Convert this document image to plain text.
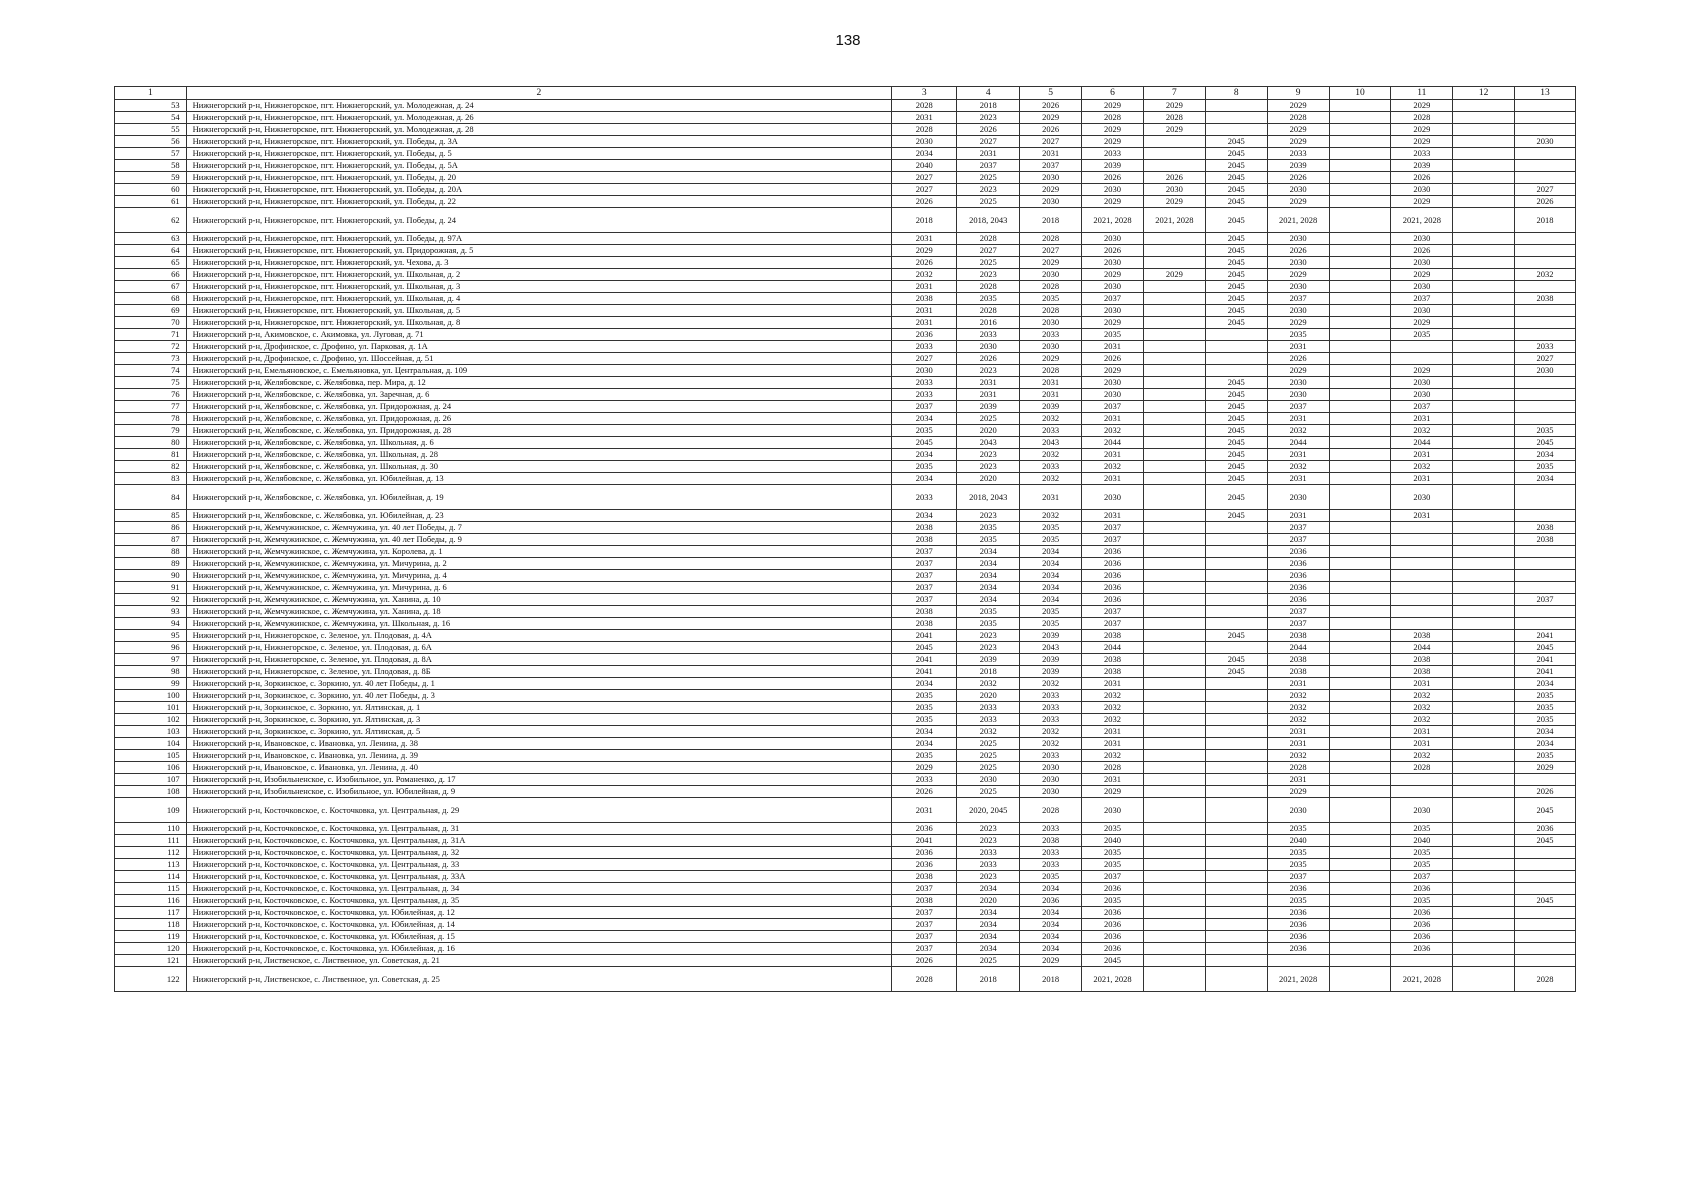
138
1	2	3	4	5	6	7	8	9	10	11	12	13
53	Нижнегорский р-н, Нижнегорское, пгт. Нижнегорский, ул. Молодежная, д. 24	2028	2018	2026	2029	2029		2029		2029		
54	Нижнегорский р-н, Нижнегорское, пгт. Нижнегорский, ул. Молодежная, д. 26	2031	2023	2029	2028	2028		2028		2028		
55	Нижнегорский р-н, Нижнегорское, пгт. Нижнегорский, ул. Молодежная, д. 28	2028	2026	2026	2029	2029		2029		2029		
56	Нижнегорский р-н, Нижнегорское, пгт. Нижнегорский, ул. Победы, д. 3А	2030	2027	2027	2029		2045	2029		2029		2030
57	Нижнегорский р-н, Нижнегорское, пгт. Нижнегорский, ул. Победы, д. 5	2034	2031	2031	2033		2045	2033		2033		
58	Нижнегорский р-н, Нижнегорское, пгт. Нижнегорский, ул. Победы, д. 5А	2040	2037	2037	2039		2045	2039		2039		
59	Нижнегорский р-н, Нижнегорское, пгт. Нижнегорский, ул. Победы, д. 20	2027	2025	2030	2026	2026	2045	2026		2026		
60	Нижнегорский р-н, Нижнегорское, пгт. Нижнегорский, ул. Победы, д. 20А	2027	2023	2029	2030	2030	2045	2030		2030		2027
61	Нижнегорский р-н, Нижнегорское, пгт. Нижнегорский, ул. Победы, д. 22	2026	2025	2030	2029	2029	2045	2029		2029		2026
62	Нижнегорский р-н, Нижнегорское, пгт. Нижнегорский, ул. Победы, д. 24	2018	2018, 2043	2018	2021, 2028	2021, 2028	2045	2021, 2028		2021, 2028		2018
63	Нижнегорский р-н, Нижнегорское, пгт. Нижнегорский, ул. Победы, д. 97А	2031	2028	2028	2030		2045	2030		2030		
64	Нижнегорский р-н, Нижнегорское, пгт. Нижнегорский, ул. Придорожная, д. 5	2029	2027	2027	2026		2045	2026		2026		
65	Нижнегорский р-н, Нижнегорское, пгт. Нижнегорский, ул. Чехова, д. 3	2026	2025	2029	2030		2045	2030		2030		
66	Нижнегорский р-н, Нижнегорское, пгт. Нижнегорский, ул. Школьная, д. 2	2032	2023	2030	2029	2029	2045	2029		2029		2032
67	Нижнегорский р-н, Нижнегорское, пгт. Нижнегорский, ул. Школьная, д. 3	2031	2028	2028	2030		2045	2030		2030		
68	Нижнегорский р-н, Нижнегорское, пгт. Нижнегорский, ул. Школьная, д. 4	2038	2035	2035	2037		2045	2037		2037		2038
69	Нижнегорский р-н, Нижнегорское, пгт. Нижнегорский, ул. Школьная, д. 5	2031	2028	2028	2030		2045	2030		2030		
70	Нижнегорский р-н, Нижнегорское, пгт. Нижнегорский, ул. Школьная, д. 8	2031	2016	2030	2029		2045	2029		2029		
71	Нижнегорский р-н, Акимовское, с. Акимовка, ул. Луговая, д. 71	2036	2033	2033	2035			2035		2035		
72	Нижнегорский р-н, Дрофинское, с. Дрофино, ул. Парковая, д. 1А	2033	2030	2030	2031			2031				2033
73	Нижнегорский р-н, Дрофинское, с. Дрофино, ул. Шоссейная, д. 51	2027	2026	2029	2026			2026				2027
74	Нижнегорский р-н, Емельяновское, с. Емельяновка, ул. Центральная, д. 109	2030	2023	2028	2029			2029		2029		2030
75	Нижнегорский р-н, Желябовское, с. Желябовка, пер. Мира, д. 12	2033	2031	2031	2030		2045	2030		2030		
76	Нижнегорский р-н, Желябовское, с. Желябовка, ул. Заречная, д. 6	2033	2031	2031	2030		2045	2030		2030		
77	Нижнегорский р-н, Желябовское, с. Желябовка, ул. Придорожная, д. 24	2037	2039	2039	2037		2045	2037		2037		
78	Нижнегорский р-н, Желябовское, с. Желябовка, ул. Придорожная, д. 26	2034	2025	2032	2031		2045	2031		2031		
79	Нижнегорский р-н, Желябовское, с. Желябовка, ул. Придорожная, д. 28	2035	2020	2033	2032		2045	2032		2032		2035
80	Нижнегорский р-н, Желябовское, с. Желябовка, ул. Школьная, д. 6	2045	2043	2043	2044		2045	2044		2044		2045
81	Нижнегорский р-н, Желябовское, с. Желябовка, ул. Школьная, д. 28	2034	2023	2032	2031		2045	2031		2031		2034
82	Нижнегорский р-н, Желябовское, с. Желябовка, ул. Школьная, д. 30	2035	2023	2033	2032		2045	2032		2032		2035
83	Нижнегорский р-н, Желябовское, с. Желябовка, ул. Юбилейная, д. 13	2034	2020	2032	2031		2045	2031		2031		2034
84	Нижнегорский р-н, Желябовское, с. Желябовка, ул. Юбилейная, д. 19	2033	2018, 2043	2031	2030		2045	2030		2030		
85	Нижнегорский р-н, Желябовское, с. Желябовка, ул. Юбилейная, д. 23	2034	2023	2032	2031		2045	2031		2031		
86	Нижнегорский р-н, Жемчужинское, с. Жемчужина, ул. 40 лет Победы, д. 7	2038	2035	2035	2037			2037				2038
87	Нижнегорский р-н, Жемчужинское, с. Жемчужина, ул. 40 лет Победы, д. 9	2038	2035	2035	2037			2037				2038
88	Нижнегорский р-н, Жемчужинское, с. Жемчужина, ул. Королева, д. 1	2037	2034	2034	2036			2036				
89	Нижнегорский р-н, Жемчужинское, с. Жемчужина, ул. Мичурина, д. 2	2037	2034	2034	2036			2036				
90	Нижнегорский р-н, Жемчужинское, с. Жемчужина, ул. Мичурина, д. 4	2037	2034	2034	2036			2036				
91	Нижнегорский р-н, Жемчужинское, с. Жемчужина, ул. Мичурина, д. 6	2037	2034	2034	2036			2036				
92	Нижнегорский р-н, Жемчужинское, с. Жемчужина, ул. Ханина, д. 10	2037	2034	2034	2036			2036				2037
93	Нижнегорский р-н, Жемчужинское, с. Жемчужина, ул. Ханина, д. 18	2038	2035	2035	2037			2037				
94	Нижнегорский р-н, Жемчужинское, с. Жемчужина, ул. Школьная, д. 16	2038	2035	2035	2037			2037				
95	Нижнегорский р-н, Нижнегорское, с. Зеленое, ул. Плодовая, д. 4А	2041	2023	2039	2038		2045	2038		2038		2041
96	Нижнегорский р-н, Нижнегорское, с. Зеленое, ул. Плодовая, д. 6А	2045	2023	2043	2044			2044		2044		2045
97	Нижнегорский р-н, Нижнегорское, с. Зеленое, ул. Плодовая, д. 8А	2041	2039	2039	2038		2045	2038		2038		2041
98	Нижнегорский р-н, Нижнегорское, с. Зеленое, ул. Плодовая, д. 8Б	2041	2018	2039	2038		2045	2038		2038		2041
99	Нижнегорский р-н, Зоркинское, с. Зоркино, ул. 40 лет Победы, д. 1	2034	2032	2032	2031			2031		2031		2034
100	Нижнегорский р-н, Зоркинское, с. Зоркино, ул. 40 лет Победы, д. 3	2035	2020	2033	2032			2032		2032		2035
101	Нижнегорский р-н, Зоркинское, с. Зоркино, ул. Ялтинская, д. 1	2035	2033	2033	2032			2032		2032		2035
102	Нижнегорский р-н, Зоркинское, с. Зоркино, ул. Ялтинская, д. 3	2035	2033	2033	2032			2032		2032		2035
103	Нижнегорский р-н, Зоркинское, с. Зоркино, ул. Ялтинская, д. 5	2034	2032	2032	2031			2031		2031		2034
104	Нижнегорский р-н, Ивановское, с. Ивановка, ул. Ленина, д. 38	2034	2025	2032	2031			2031		2031		2034
105	Нижнегорский р-н, Ивановское, с. Ивановка, ул. Ленина, д. 39	2035	2025	2033	2032			2032		2032		2035
106	Нижнегорский р-н, Ивановское, с. Ивановка, ул. Ленина, д. 40	2029	2025	2030	2028			2028		2028		2029
107	Нижнегорский р-н, Изобильненское, с. Изобильное, ул. Романенко, д. 17	2033	2030	2030	2031			2031				
108	Нижнегорский р-н, Изобильненское, с. Изобильное, ул. Юбилейная, д. 9	2026	2025	2030	2029			2029				2026
109	Нижнегорский р-н, Косточковское, с. Косточковка, ул. Центральная, д. 29	2031	2020, 2045	2028	2030			2030		2030		2045
110	Нижнегорский р-н, Косточковское, с. Косточковка, ул. Центральная, д. 31	2036	2023	2033	2035			2035		2035		2036
111	Нижнегорский р-н, Косточковское, с. Косточковка, ул. Центральная, д. 31А	2041	2023	2038	2040			2040		2040		2045
112	Нижнегорский р-н, Косточковское, с. Косточковка, ул. Центральная, д. 32	2036	2033	2033	2035			2035		2035		
113	Нижнегорский р-н, Косточковское, с. Косточковка, ул. Центральная, д. 33	2036	2033	2033	2035			2035		2035		
114	Нижнегорский р-н, Косточковское, с. Косточковка, ул. Центральная, д. 33А	2038	2023	2035	2037			2037		2037		
115	Нижнегорский р-н, Косточковское, с. Косточковка, ул. Центральная, д. 34	2037	2034	2034	2036			2036		2036		
116	Нижнегорский р-н, Косточковское, с. Косточковка, ул. Центральная, д. 35	2038	2020	2036	2035			2035		2035		2045
117	Нижнегорский р-н, Косточковское, с. Косточковка, ул. Юбилейная, д. 12	2037	2034	2034	2036			2036		2036		
118	Нижнегорский р-н, Косточковское, с. Косточковка, ул. Юбилейная, д. 14	2037	2034	2034	2036			2036		2036		
119	Нижнегорский р-н, Косточковское, с. Косточковка, ул. Юбилейная, д. 15	2037	2034	2034	2036			2036		2036		
120	Нижнегорский р-н, Косточковское, с. Косточковка, ул. Юбилейная, д. 16	2037	2034	2034	2036			2036		2036		
121	Нижнегорский р-н, Лиственское, с. Лиственное, ул. Советская, д. 21	2026	2025	2029	2045							
122	Нижнегорский р-н, Лиственское, с. Лиственное, ул. Советская, д. 25	2028	2018	2018	2021, 2028			2021, 2028		2021, 2028		2028
